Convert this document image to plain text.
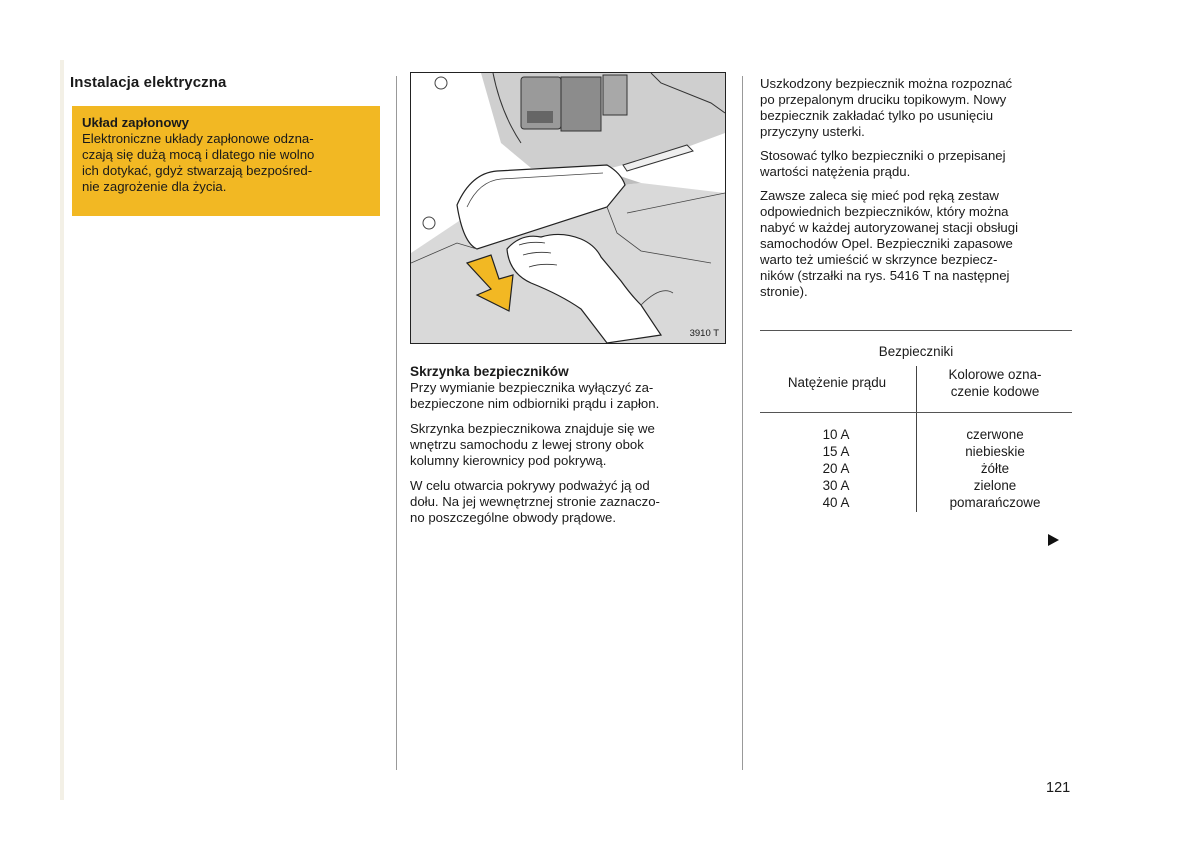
Instalacja elektryczna
Układ zapłonowy
Elektroniczne układy zapłonowe odzna-
czają się dużą mocą i dlatego nie wolno
ich dotykać, gdyż stwarzają bezpośred-
nie zagrożenie dla życia.
3910 T
Skrzynka bezpieczników
Przy wymianie bezpiecznika wyłączyć za-
bezpieczone nim odbiorniki prądu i zapłon.
Skrzynka bezpiecznikowa znajduje się we
wnętrzu samochodu z lewej strony obok
kolumny kierownicy pod pokrywą.
W celu otwarcia pokrywy podważyć ją od
dołu. Na jej wewnętrznej stronie zaznaczo-
no poszczególne obwody prądowe.
Uszkodzony bezpiecznik można rozpoznać
po przepalonym druciku topikowym. Nowy
bezpiecznik zakładać tylko po usunięciu
przyczyny usterki.
Stosować tylko bezpieczniki o przepisanej
wartości natężenia prądu.
Zawsze zaleca się mieć pod ręką zestaw
odpowiednich bezpieczników, który można
nabyć w każdej autoryzowanej stacji obsługi
samochodów Opel. Bezpieczniki zapasowe
warto też umieścić w skrzynce bezpiecz-
ników (strzałki na rys. 5416 T na następnej
stronie).
Bezpieczniki
Natężenie prądu
Kolorowe ozna-
czenie kodowe
10 A	czerwone
15 A	niebieskie
20 A	żółte
30 A	zielone
40 A	pomarańczowe
121
